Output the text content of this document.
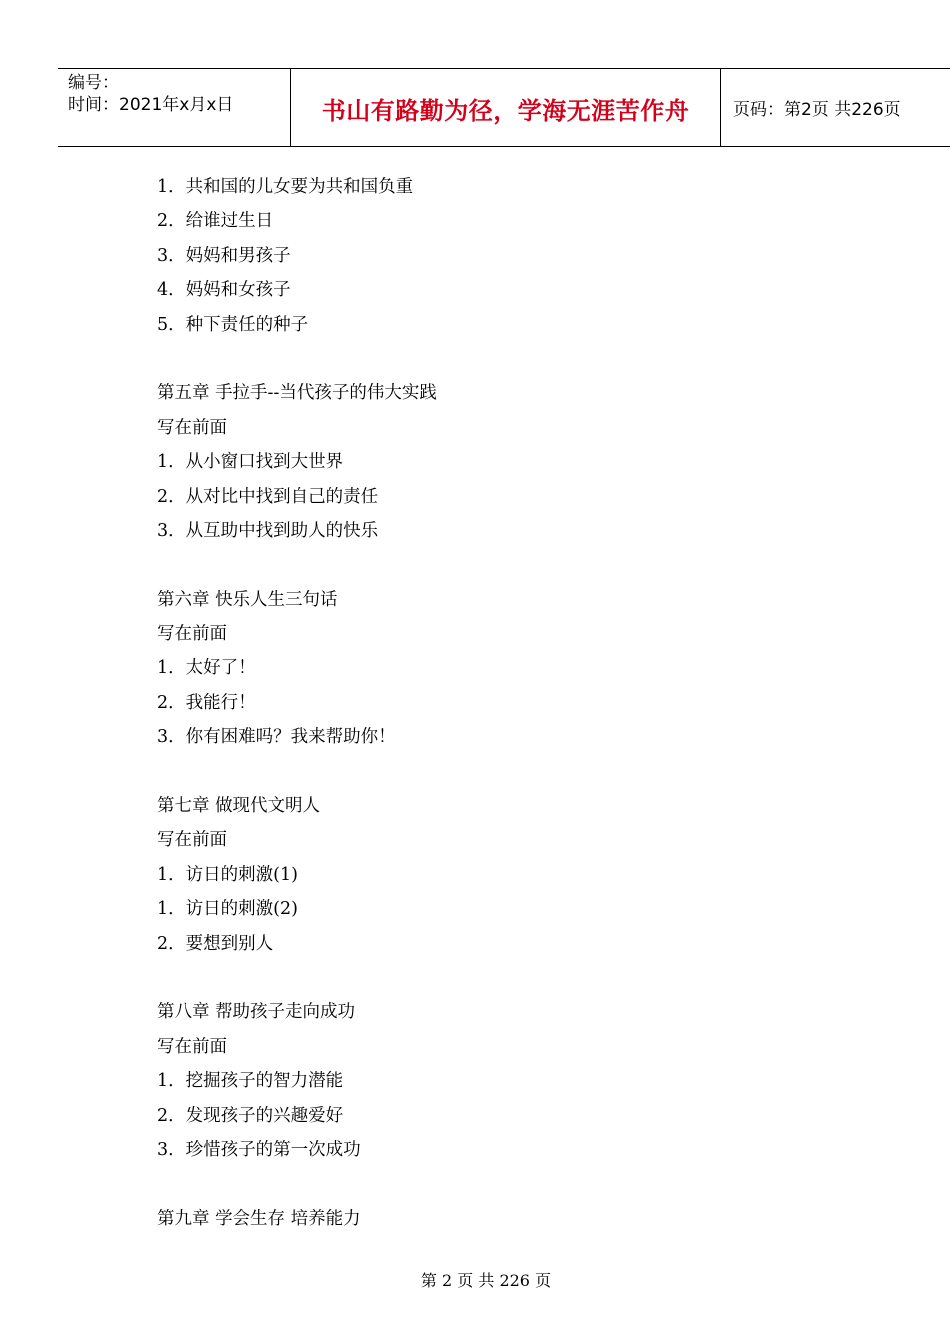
编号：
时间：2021年x月x日	书山有路勤为径，学海无涯苦作舟	页码：第2页 共226页
1．共和国的儿女要为共和国负重
2．给谁过生日
3．妈妈和男孩子
4．妈妈和女孩子
5．种下责任的种子
第五章 手拉手--当代孩子的伟大实践
写在前面
1．从小窗口找到大世界
2．从对比中找到自己的责任
3．从互助中找到助人的快乐
第六章 快乐人生三句话
写在前面
1．太好了！
2．我能行！
3．你有困难吗？我来帮助你！
第七章 做现代文明人
写在前面
1．访日的刺激(1)
1．访日的刺激(2)
2．要想到别人
第八章 帮助孩子走向成功
写在前面
1．挖掘孩子的智力潜能
2．发现孩子的兴趣爱好
3．珍惜孩子的第一次成功
第九章 学会生存 培养能力
第 2 页 共 226 页
